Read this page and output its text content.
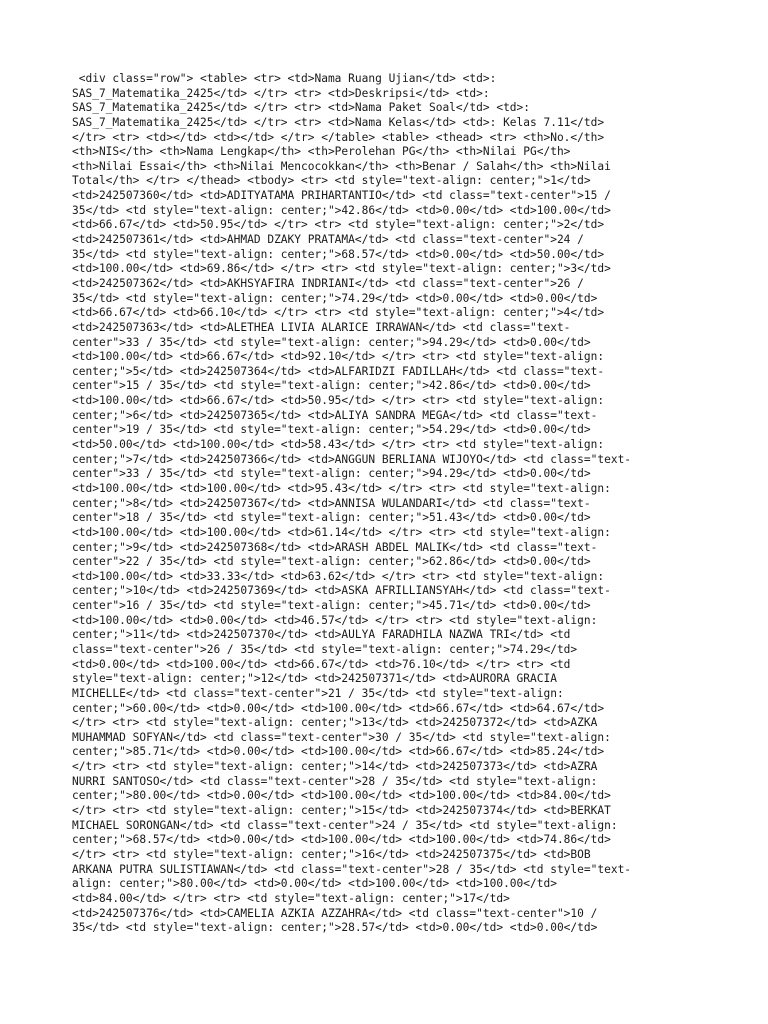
<div class="row"> <table> <tr> <td>Nama Ruang Ujian</td> <td>:
SAS_7_Matematika_2425</td> </tr> <tr> <td>Deskripsi</td> <td>:
SAS_7_Matematika_2425</td> </tr> <tr> <td>Nama Paket Soal</td> <td>:
SAS_7_Matematika_2425</td> </tr> <tr> <td>Nama Kelas</td> <td>: Kelas 7.11</td>
</tr> <tr> <td></td> <td></td> </tr> </table> <table> <thead> <tr> <th>No.</th>
<th>NIS</th> <th>Nama Lengkap</th> <th>Perolehan PG</th> <th>Nilai PG</th>
<th>Nilai Essai</th> <th>Nilai Mencocokkan</th> <th>Benar / Salah</th> <th>Nilai
Total</th> </tr> </thead> <tbody> <tr> <td style="text-align: center;">1</td>
<td>242507360</td> <td>ADITYATAMA PRIHARTANTIO</td> <td class="text-center">15 /
35</td> <td style="text-align: center;">42.86</td> <td>0.00</td> <td>100.00</td>
<td>66.67</td> <td>50.95</td> </tr> <tr> <td style="text-align: center;">2</td>
<td>242507361</td> <td>AHMAD DZAKY PRATAMA</td> <td class="text-center">24 /
35</td> <td style="text-align: center;">68.57</td> <td>0.00</td> <td>50.00</td>
<td>100.00</td> <td>69.86</td> </tr> <tr> <td style="text-align: center;">3</td>
<td>242507362</td> <td>AKHSYAFIRA INDRIANI</td> <td class="text-center">26 /
35</td> <td style="text-align: center;">74.29</td> <td>0.00</td> <td>0.00</td>
<td>66.67</td> <td>66.10</td> </tr> <tr> <td style="text-align: center;">4</td>
<td>242507363</td> <td>ALETHEA LIVIA ALARICE IRRAWAN</td> <td class="text-
center">33 / 35</td> <td style="text-align: center;">94.29</td> <td>0.00</td>
<td>100.00</td> <td>66.67</td> <td>92.10</td> </tr> <tr> <td style="text-align:
center;">5</td> <td>242507364</td> <td>ALFARIDZI FADILLAH</td> <td class="text-
center">15 / 35</td> <td style="text-align: center;">42.86</td> <td>0.00</td>
<td>100.00</td> <td>66.67</td> <td>50.95</td> </tr> <tr> <td style="text-align:
center;">6</td> <td>242507365</td> <td>ALIYA SANDRA MEGA</td> <td class="text-
center">19 / 35</td> <td style="text-align: center;">54.29</td> <td>0.00</td>
<td>50.00</td> <td>100.00</td> <td>58.43</td> </tr> <tr> <td style="text-align:
center;">7</td> <td>242507366</td> <td>ANGGUN BERLIANA WIJOYO</td> <td class="text-
center">33 / 35</td> <td style="text-align: center;">94.29</td> <td>0.00</td>
<td>100.00</td> <td>100.00</td> <td>95.43</td> </tr> <tr> <td style="text-align:
center;">8</td> <td>242507367</td> <td>ANNISA WULANDARI</td> <td class="text-
center">18 / 35</td> <td style="text-align: center;">51.43</td> <td>0.00</td>
<td>100.00</td> <td>100.00</td> <td>61.14</td> </tr> <tr> <td style="text-align:
center;">9</td> <td>242507368</td> <td>ARASH ABDEL MALIK</td> <td class="text-
center">22 / 35</td> <td style="text-align: center;">62.86</td> <td>0.00</td>
<td>100.00</td> <td>33.33</td> <td>63.62</td> </tr> <tr> <td style="text-align:
center;">10</td> <td>242507369</td> <td>ASKA AFRILLIANSYAH</td> <td class="text-
center">16 / 35</td> <td style="text-align: center;">45.71</td> <td>0.00</td>
<td>100.00</td> <td>0.00</td> <td>46.57</td> </tr> <tr> <td style="text-align:
center;">11</td> <td>242507370</td> <td>AULYA FARADHILA NAZWA TRI</td> <td
class="text-center">26 / 35</td> <td style="text-align: center;">74.29</td>
<td>0.00</td> <td>100.00</td> <td>66.67</td> <td>76.10</td> </tr> <tr> <td
style="text-align: center;">12</td> <td>242507371</td> <td>AURORA GRACIA
MICHELLE</td> <td class="text-center">21 / 35</td> <td style="text-align:
center;">60.00</td> <td>0.00</td> <td>100.00</td> <td>66.67</td> <td>64.67</td>
</tr> <tr> <td style="text-align: center;">13</td> <td>242507372</td> <td>AZKA
MUHAMMAD SOFYAN</td> <td class="text-center">30 / 35</td> <td style="text-align:
center;">85.71</td> <td>0.00</td> <td>100.00</td> <td>66.67</td> <td>85.24</td>
</tr> <tr> <td style="text-align: center;">14</td> <td>242507373</td> <td>AZRA
NURRI SANTOSO</td> <td class="text-center">28 / 35</td> <td style="text-align:
center;">80.00</td> <td>0.00</td> <td>100.00</td> <td>100.00</td> <td>84.00</td>
</tr> <tr> <td style="text-align: center;">15</td> <td>242507374</td> <td>BERKAT
MICHAEL SORONGAN</td> <td class="text-center">24 / 35</td> <td style="text-align:
center;">68.57</td> <td>0.00</td> <td>100.00</td> <td>100.00</td> <td>74.86</td>
</tr> <tr> <td style="text-align: center;">16</td> <td>242507375</td> <td>BOB
ARKANA PUTRA SULISTIAWAN</td> <td class="text-center">28 / 35</td> <td style="text-
align: center;">80.00</td> <td>0.00</td> <td>100.00</td> <td>100.00</td>
<td>84.00</td> </tr> <tr> <td style="text-align: center;">17</td>
<td>242507376</td> <td>CAMELIA AZKIA AZZAHRA</td> <td class="text-center">10 /
35</td> <td style="text-align: center;">28.57</td> <td>0.00</td> <td>0.00</td>
